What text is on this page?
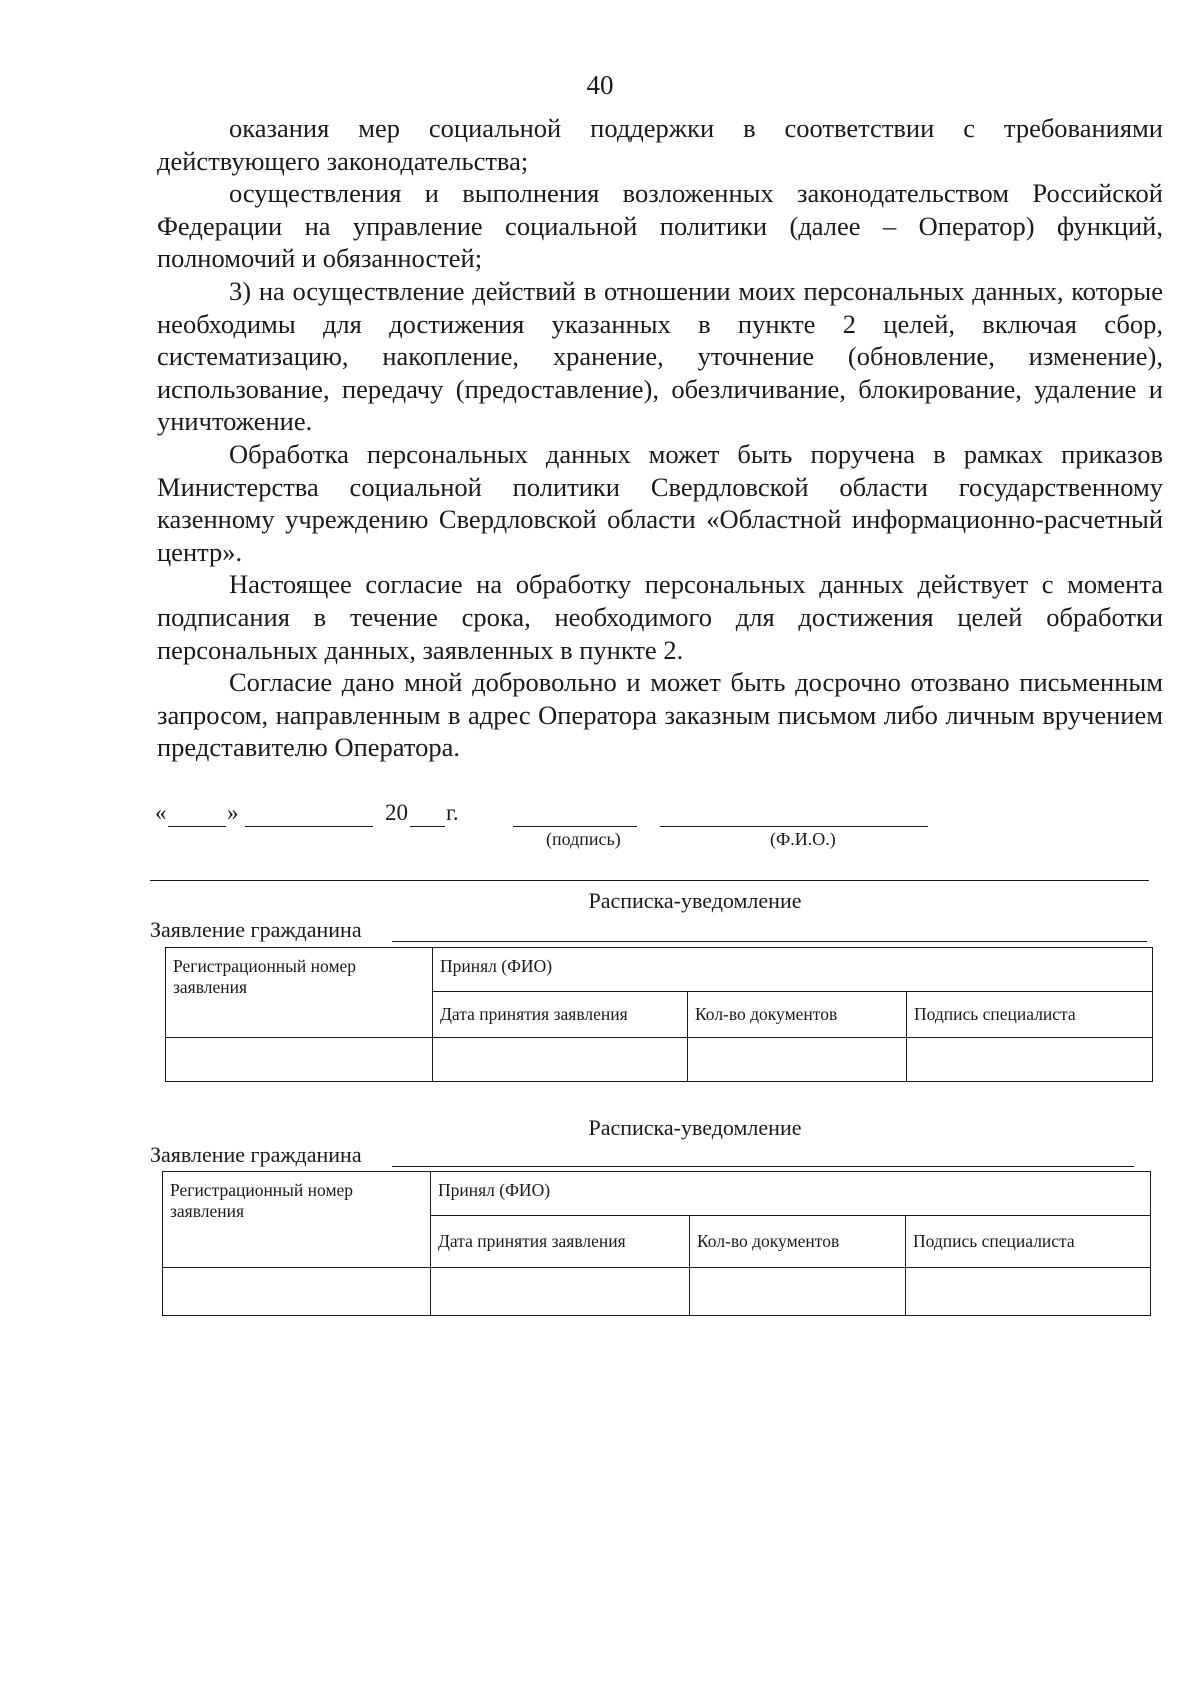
40

оказания мер социальной поддержки в соответствии с требованиями действующего законодательства;

осуществления и выполнения возложенных законодательством Российской Федерации на управление социальной политики (далее – Оператор) функций, полномочий и обязанностей;

3) на осуществление действий в отношении моих персональных данных, которые необходимы для достижения указанных в пункте 2 целей, включая сбор, систематизацию, накопление, хранение, уточнение (обновление, изменение), использование, передачу (предоставление), обезличивание, блокирование, удаление и уничтожение.

Обработка персональных данных может быть поручена в рамках приказов Министерства социальной политики Свердловской области государственному казенному учреждению Свердловской области «Областной информационно-расчетный центр».

Настоящее согласие на обработку персональных данных действует с момента подписания в течение срока, необходимого для достижения целей обработки персональных данных, заявленных в пункте 2.

Согласие дано мной добровольно и может быть досрочно отозвано письменным запросом, направленным в адрес Оператора заказным письмом либо личным вручением представителю Оператора.

«	»	20 г.
(подпись)	(Ф.И.О.)
Расписка-уведомление
Заявление гражданина
Регистрационный номер заявления	Принял (ФИО)		
	Дата принятия заявления	Кол-во документов	Подпись специалиста

Расписка-уведомление
Заявление гражданина
Регистрационный номер заявления	Принял (ФИО)		
	Дата принятия заявления	Кол-во документов	Подпись специалиста
